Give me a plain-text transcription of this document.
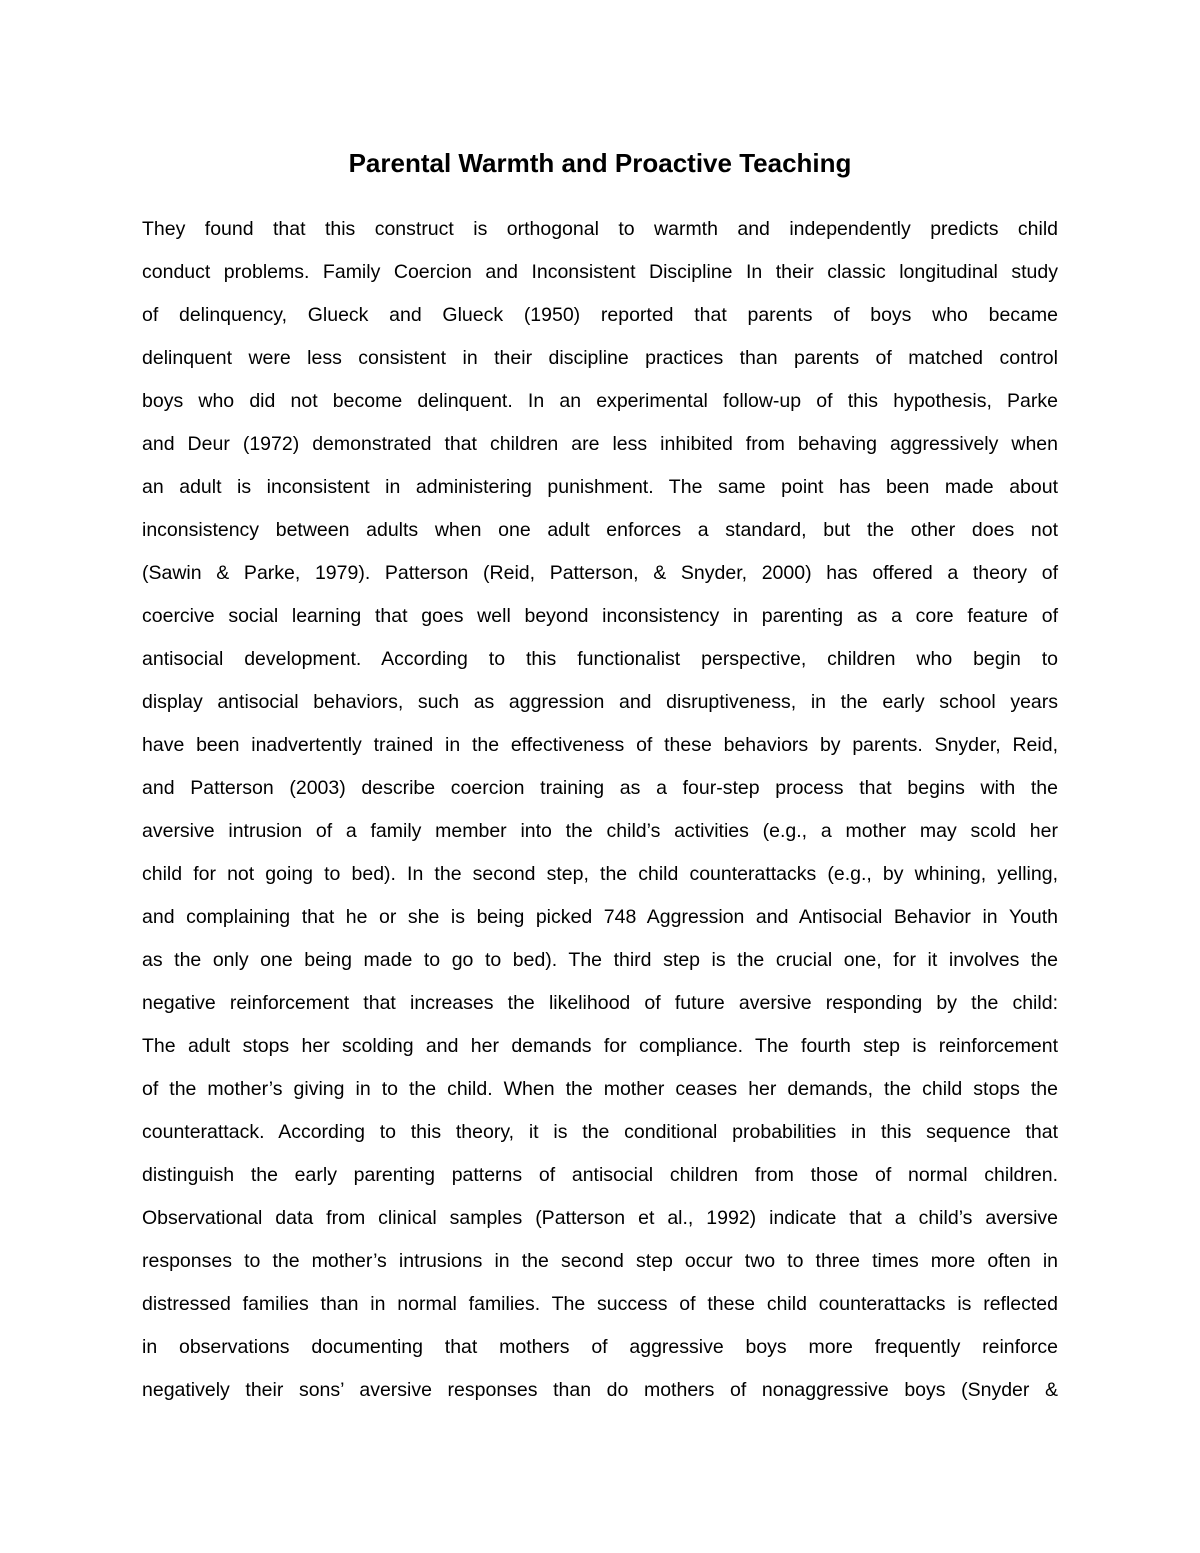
Parental Warmth and Proactive Teaching
They found that this construct is orthogonal to warmth and independently predicts child
conduct problems. Family Coercion and Inconsistent Discipline In their classic longitudinal study
of delinquency, Glueck and Glueck (1950) reported that parents of boys who became
delinquent were less consistent in their discipline practices than parents of matched control
boys who did not become delinquent. In an experimental follow-up of this hypothesis, Parke
and Deur (1972) demonstrated that children are less inhibited from behaving aggressively when
an adult is inconsistent in administering punishment. The same point has been made about
inconsistency between adults when one adult enforces a standard, but the other does not
(Sawin & Parke, 1979). Patterson (Reid, Patterson, & Snyder, 2000) has offered a theory of
coercive social learning that goes well beyond inconsistency in parenting as a core feature of
antisocial development. According to this functionalist perspective, children who begin to
display antisocial behaviors, such as aggression and disruptiveness, in the early school years
have been inadvertently trained in the effectiveness of these behaviors by parents. Snyder, Reid,
and Patterson (2003) describe coercion training as a four-step process that begins with the
aversive intrusion of a family member into the child’s activities (e.g., a mother may scold her
child for not going to bed). In the second step, the child counterattacks (e.g., by whining, yelling,
and complaining that he or she is being picked 748 Aggression and Antisocial Behavior in Youth
as the only one being made to go to bed). The third step is the crucial one, for it involves the
negative reinforcement that increases the likelihood of future aversive responding by the child:
The adult stops her scolding and her demands for compliance. The fourth step is reinforcement
of the mother’s giving in to the child. When the mother ceases her demands, the child stops the
counterattack. According to this theory, it is the conditional probabilities in this sequence that
distinguish the early parenting patterns of antisocial children from those of normal children.
Observational data from clinical samples (Patterson et al., 1992) indicate that a child’s aversive
responses to the mother’s intrusions in the second step occur two to three times more often in
distressed families than in normal families. The success of these child counterattacks is reflected
in observations documenting that mothers of aggressive boys more frequently reinforce
negatively their sons’ aversive responses than do mothers of nonaggressive boys (Snyder &
